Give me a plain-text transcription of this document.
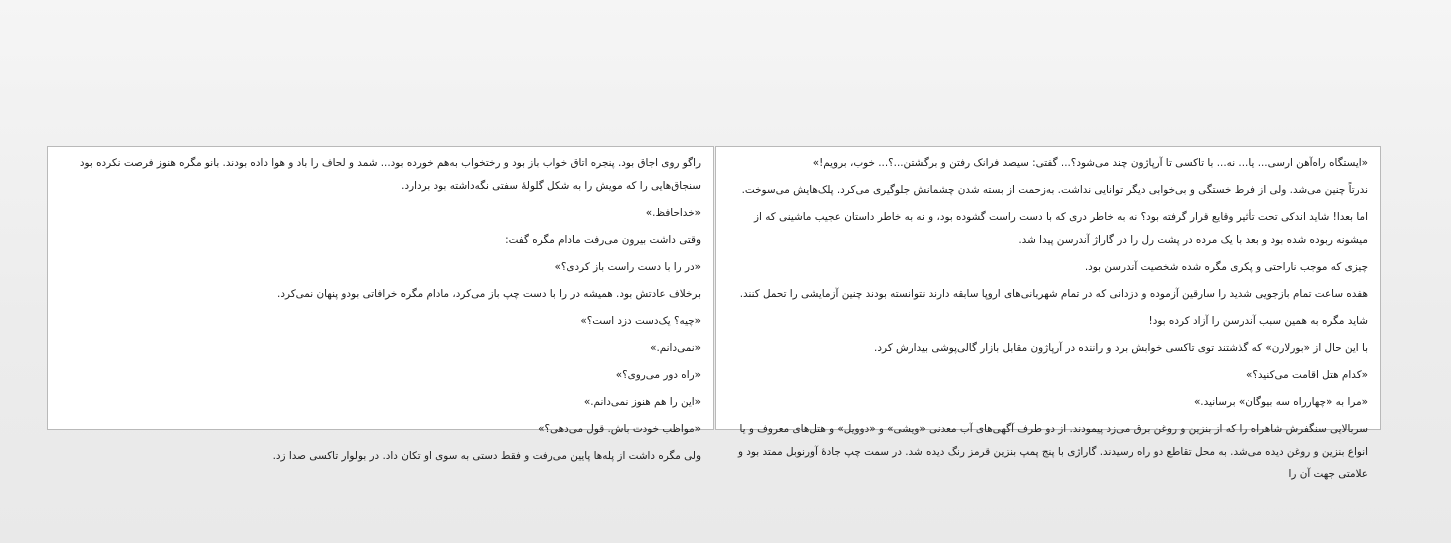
راگو روی اجاق بود. پنجره اتاق خواب باز بود و رختخواب به‌هم خورده بود... شمد و لحاف را باد و هوا داده بودند. بانو مگره هنوز فرصت نکرده بود سنجاق‌هایی را که مویش را به شکل گلولهٔ سفتی نگه‌داشته بود بردارد.

«خداحافظ.»

وقتی داشت بیرون می‌رفت مادام مگره گفت:

«در را با دست راست باز کردی؟»

برخلاف عادتش بود. همیشه در را با دست چپ باز می‌کرد، مادام مگره خرافاتی بودو پنهان نمی‌کرد.

«چیه؟ یک‌دست دزد است؟»

«نمی‌دانم.»

«راه دور می‌روی؟»

«این را هم هنوز نمی‌دانم.»

«مواظب خودت باش. قول می‌دهی؟»

ولی مگره داشت از پله‌ها پایین می‌رفت و فقط دستی به سوی او تکان داد. در بولوار تاکسی صدا زد.

«ایستگاه راه‌آهن ارسی... یا... نه... با تاکسی تا آرپاژون چند می‌شود؟... گفتی: سیصد فرانک رفتن و برگشتن...؟... خوب، برویم!»

ندرتاً چنین می‌شد. ولی از فرط خستگی و بی‌خوابی دیگر توانایی نداشت. به‌زحمت از بسته شدن چشمانش جلوگیری می‌کرد. پلک‌هایش می‌سوخت.

اما بعدا! شاید اندکی تحت تأثیر وقایع قرار گرفته بود؟ نه به خاطر دری که با دست راست گشوده بود، و نه به خاطر داستان عجیب ماشینی که از میشونه ربوده شده بود و بعد با یک مرده در پشت رل را در گاراژ آندرسن پیدا شد.

چیزی که موجب ناراحتی و پکری مگره شده شخصیت آندرسن بود.

هفده ساعت تمام بازجویی شدید را سارقین آزموده و دزدانی که در تمام شهربانی‌های اروپا سابقه دارند نتوانسته بودند چنین آزمایشی را تحمل کنند.

شاید مگره به همین سبب آندرسن را آزاد کرده بود!

با این حال از «بورلارن» که گذشتند توی تاکسی خوابش برد و راننده در آرپاژون مقابل بازار گالی‌پوشی بیدارش کرد.

«کدام هتل اقامت می‌کنید؟»

«مرا به «چهارراه سه بیوگان» برسانید.»

سربالایی سنگفرش شاهراه را که از بنزین و روغن برق می‌زد پیمودند. از دو طرف آگهی‌های آب معدنی «ویشی» و «دوویل» و هتل‌های معروف و یا انواع بنزین و روغن دیده می‌شد. به محل تقاطع دو راه رسیدند. گاراژی با پنج پمپ بنزین قرمز رنگ دیده شد. در سمت چپ جادهٔ آورنوبل ممتد بود و علامتی جهت آن را
